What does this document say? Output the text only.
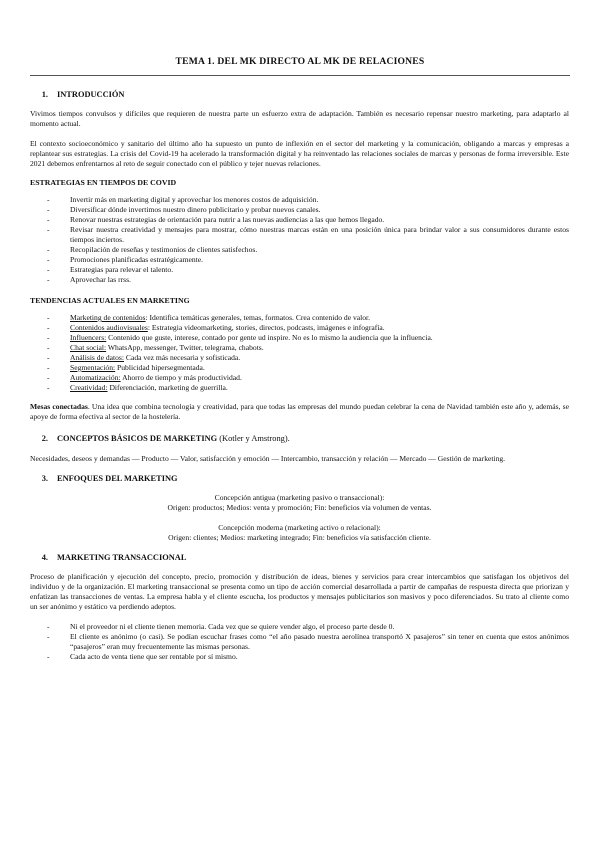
TEMA 1. DEL MK DIRECTO AL MK DE RELACIONES
1. INTRODUCCIÓN

Vivimos tiempos convulsos y difíciles que requieren de nuestra parte un esfuerzo extra de adaptación. También es necesario repensar nuestro marketing, para adaptarlo al momento actual.

El contexto socioeconómico y sanitario del último año ha supuesto un punto de inflexión en el sector del marketing y la comunicación, obligando a marcas y empresas a replantear sus estrategias. La crisis del Covid-19 ha acelerado la transformación digital y ha reinventado las relaciones sociales de marcas y personas de forma irreversible. Este 2021 debemos enfrentarnos al reto de seguir conectado con el público y tejer nuevas relaciones.

ESTRATEGIAS EN TIEMPOS DE COVID
-	Invertir más en marketing digital y aprovechar los menores costos de adquisición.
-	Diversificar dónde invertimos nuestro dinero publicitario y probar nuevos canales.
-	Renovar nuestras estrategias de orientación para nutrir a las nuevas audiencias a las que hemos llegado.
-	Revisar nuestra creatividad y mensajes para mostrar, cómo nuestras marcas están en una posición única para brindar valor a sus consumidores durante estos tiempos inciertos.
-	Recopilación de reseñas y testimonios de clientes satisfechos.
-	Promociones planificadas estratégicamente.
-	Estrategias para relevar el talento.
-	Aprovechar las rrss.
TENDENCIAS ACTUALES EN MARKETING
-	Marketing de contenidos: Identifica temáticas generales, temas, formatos. Crea contenido de valor.
-	Contenidos audiovisuales: Estrategia videomarketing, stories, directos, podcasts, imágenes e infografía.
-	Influencers: Contenido que guste, interese, contado por gente ud inspire. No es lo mismo la audiencia que la influencia.
-	Chat social: WhatsApp, messenger, Twitter, telegrama, chabots.
-	Análisis de datos: Cada vez más necesaria y sofisticada.
-	Segmentación: Publicidad hipersegmentada.
-	Automatización: Ahorro de tiempo y más productividad.
-	Creatividad: Diferenciación, marketing de guerrilla.

Mesas conectadas. Una idea que combina tecnología y creatividad, para que todas las empresas del mundo puedan celebrar la cena de Navidad también este año y, además, se apoye de forma efectiva al sector de la hostelería.

2. CONCEPTOS BÁSICOS DE MARKETING (Kotler y Amstrong).

Necesidades, deseos y demandas — Producto — Valor, satisfacción y emoción — Intercambio, transacción y relación — Mercado — Gestión de marketing.

3. ENFOQUES DEL MARKETING

Concepción antigua (marketing pasivo o transaccional):

Origen: productos; Medios: venta y promoción; Fin: beneficios vía volumen de ventas.

Concepción moderna (marketing activo o relacional):

Origen: clientes; Medios: marketing integrado; Fin: beneficios vía satisfacción cliente.

4. MARKETING TRANSACCIONAL

Proceso de planificación y ejecución del concepto, precio, promoción y distribución de ideas, bienes y servicios para crear intercambios que satisfagan los objetivos del individuo y de la organización. El marketing transaccional se presenta como un tipo de acción comercial desarrollada a partir de campañas de respuesta directa que priorizan y enfatizan las transacciones de ventas. La empresa habla y el cliente escucha, los productos y mensajes publicitarios son masivos y poco diferenciados. Su trato al cliente como un ser anónimo y estático va perdiendo adeptos.

-	Ni el proveedor ni el cliente tienen memoria. Cada vez que se quiere vender algo, el proceso parte desde 0.
-	El cliente es anónimo (o casi). Se podían escuchar frases como “el año pasado nuestra aerolínea transportó X pasajeros” sin tener en cuenta que estos anónimos “pasajeros” eran muy frecuentemente las mismas personas.
-	Cada acto de venta tiene que ser rentable por sí mismo.
